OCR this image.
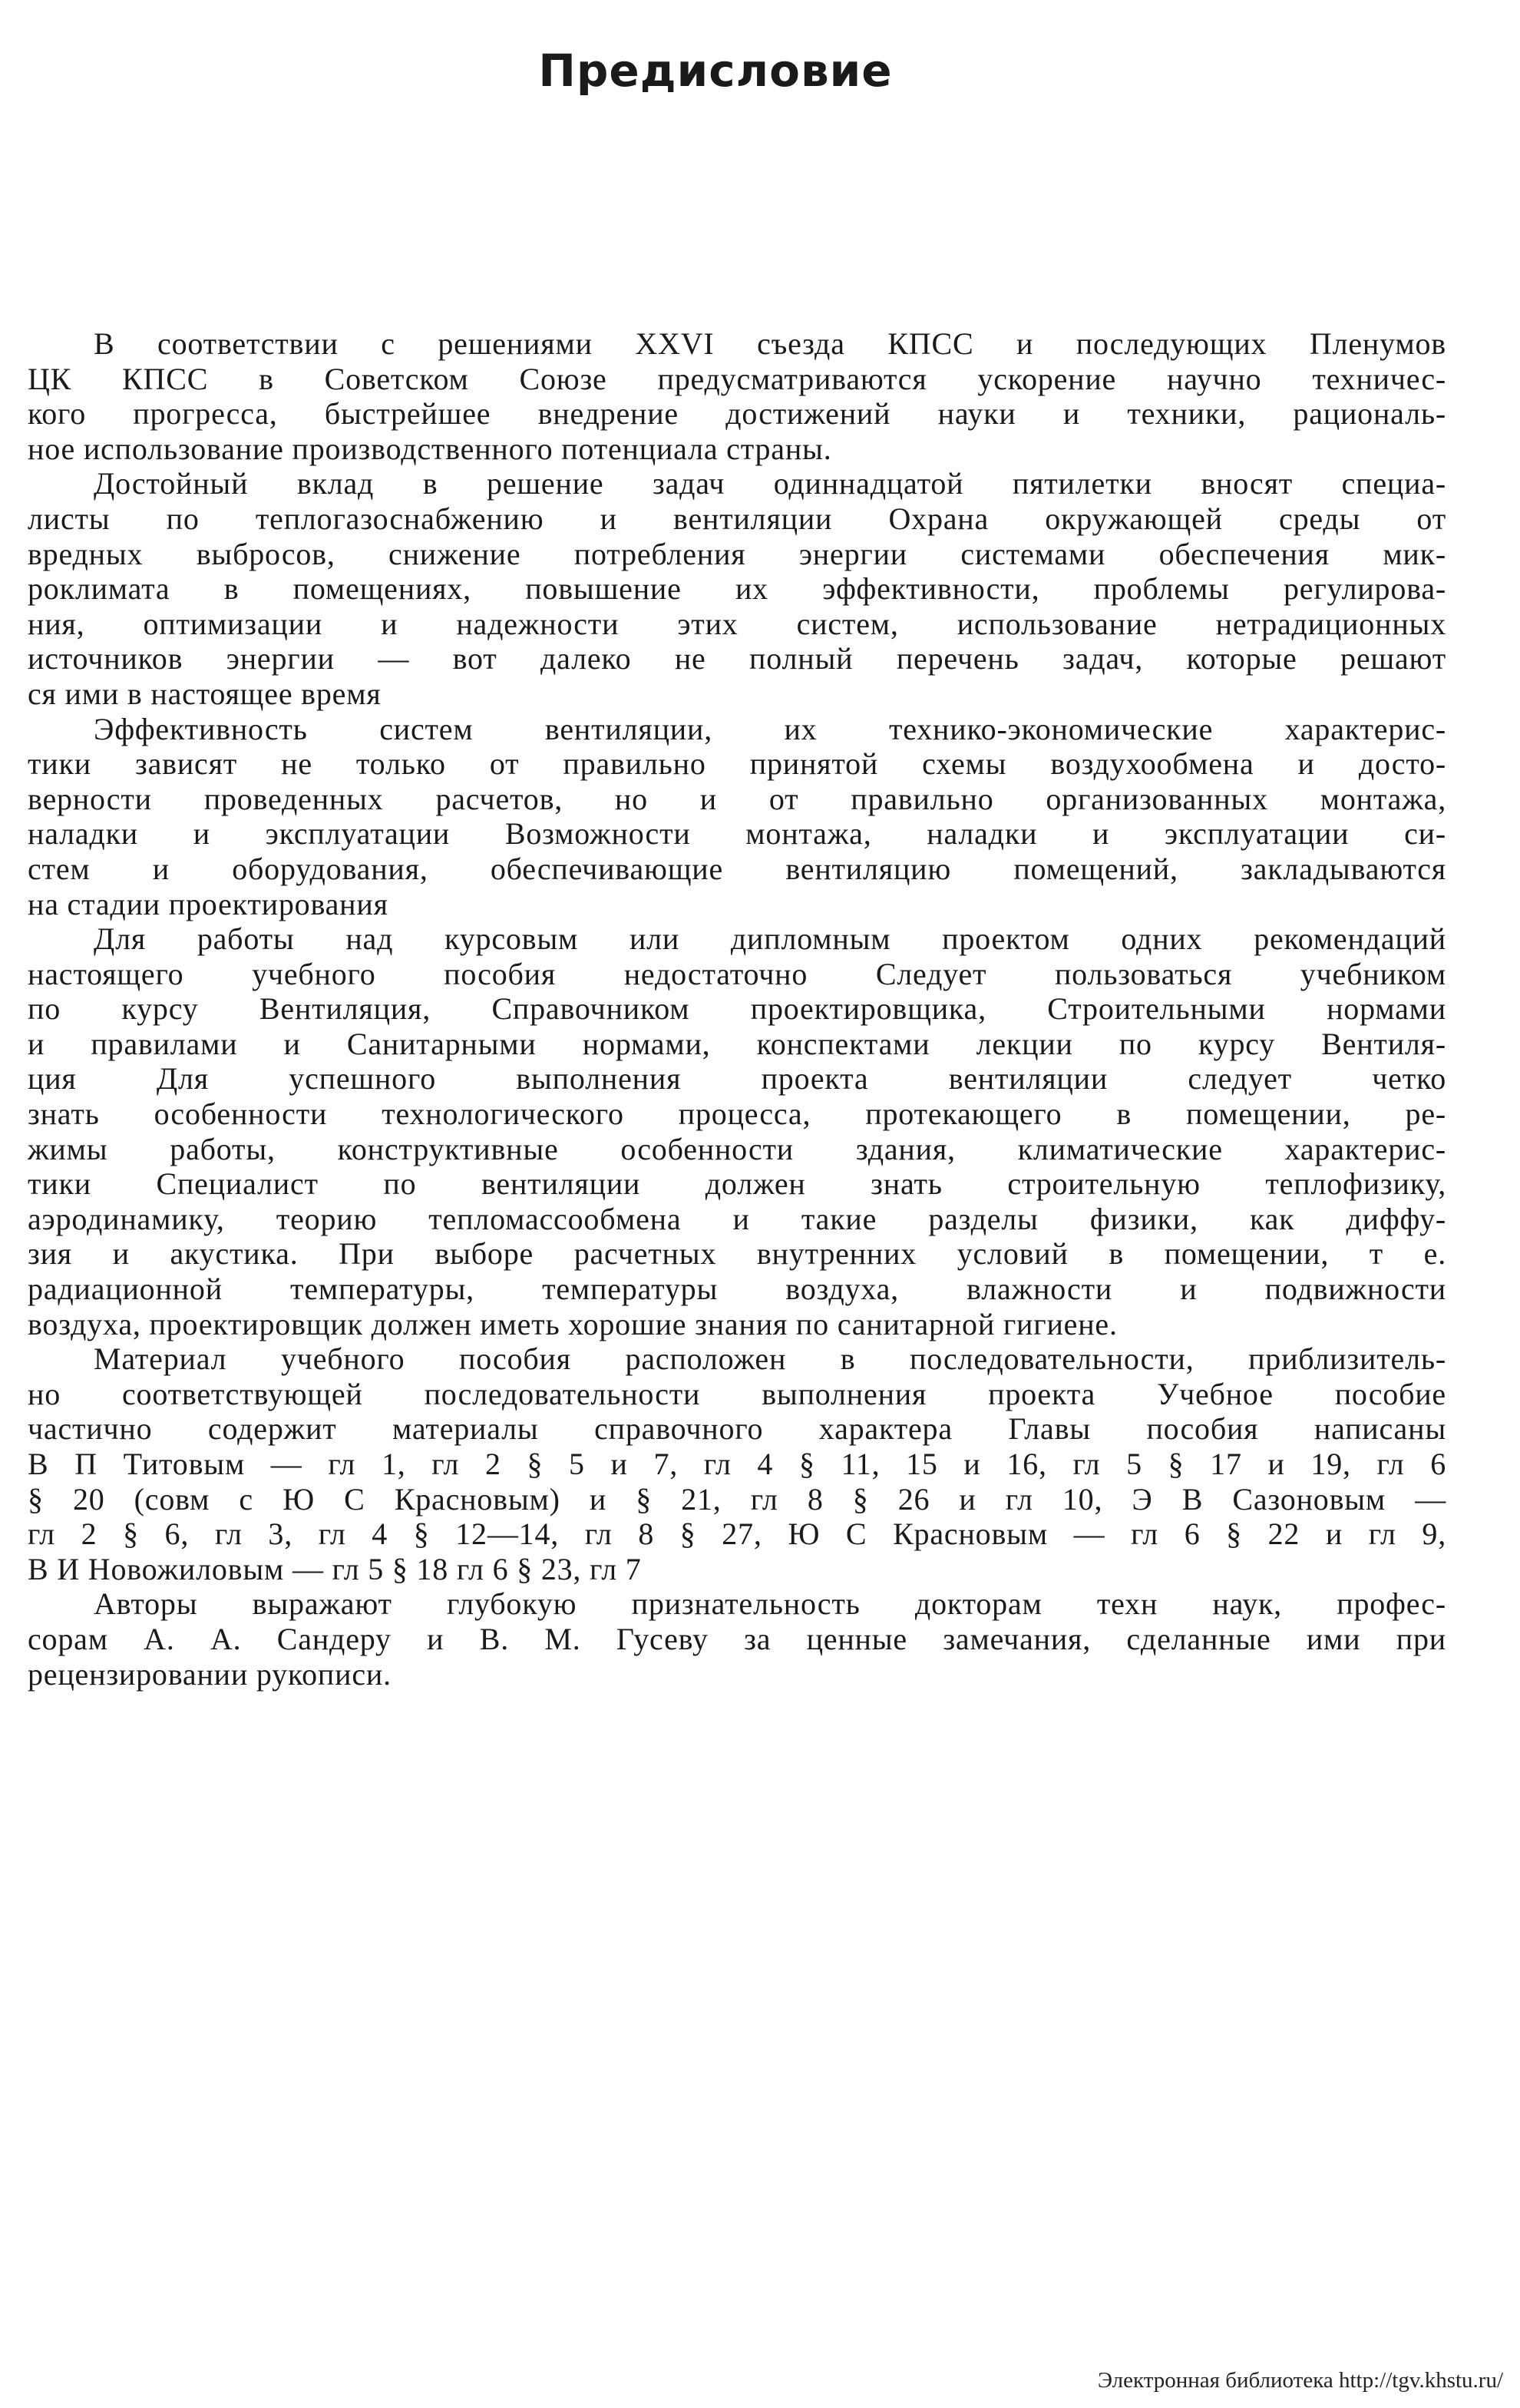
Предисловие

В соответствии с решениями XXVI съезда КПСС и последующих Пленумов
ЦК КПСС в Советском Союзе предусматриваются ускорение научно техничес-
кого прогресса, быстрейшее внедрение достижений науки и техники, рациональ-
ное использование производственного потенциала страны.

Достойный вклад в решение задач одиннадцатой пятилетки вносят специа-
листы по теплогазоснабжению и вентиляции Охрана окружающей среды от
вредных выбросов, снижение потребления энергии системами обеспечения мик-
роклимата в помещениях, повышение их эффективности, проблемы регулирова-
ния, оптимизации и надежности этих систем, использование нетрадиционных
источников энергии — вот далеко не полный перечень задач, которые решают
ся ими в настоящее время

Эффективность систем вентиляции, их технико-экономические характерис-
тики зависят не только от правильно принятой схемы воздухообмена и досто-
верности проведенных расчетов, но и от правильно организованных монтажа,
наладки и эксплуатации Возможности монтажа, наладки и эксплуатации си-
стем и оборудования, обеспечивающие вентиляцию помещений, закладываются
на стадии проектирования

Для работы над курсовым или дипломным проектом одних рекомендаций
настоящего учебного пособия недостаточно Следует пользоваться учебником
по курсу Вентиляция, Справочником проектировщика, Строительными нормами
и правилами и Санитарными нормами, конспектами лекции по курсу Вентиля-
ция Для успешного выполнения проекта вентиляции следует четко
знать особенности технологического процесса, протекающего в помещении, ре-
жимы работы, конструктивные особенности здания, климатические характерис-
тики Специалист по вентиляции должен знать строительную теплофизику,
аэродинамику, теорию тепломассообмена и такие разделы физики, как диффу-
зия и акустика. При выборе расчетных внутренних условий в помещении, т е.
радиационной температуры, температуры воздуха, влажности и подвижности
воздуха, проектировщик должен иметь хорошие знания по санитарной гигиене.

Материал учебного пособия расположен в последовательности, приблизитель-
но соответствующей последовательности выполнения проекта Учебное пособие
частично содержит материалы справочного характера Главы пособия написаны
В П Титовым — гл 1, гл 2 § 5 и 7, гл 4 § 11, 15 и 16, гл 5 § 17 и 19, гл 6
§ 20 (совм с Ю С Красновым) и § 21, гл 8 § 26 и гл 10, Э В Сазоновым —
гл 2 § 6, гл 3, гл 4 § 12—14, гл 8 § 27, Ю С Красновым — гл 6 § 22 и гл 9,
В И Новожиловым — гл 5 § 18 гл 6 § 23, гл 7

Авторы выражают глубокую признательность докторам техн наук, профес-
сорам А. А. Сандеру и В. М. Гусеву за ценные замечания, сделанные ими при
рецензировании рукописи.

Электронная библиотека http://tgv.khstu.ru/
